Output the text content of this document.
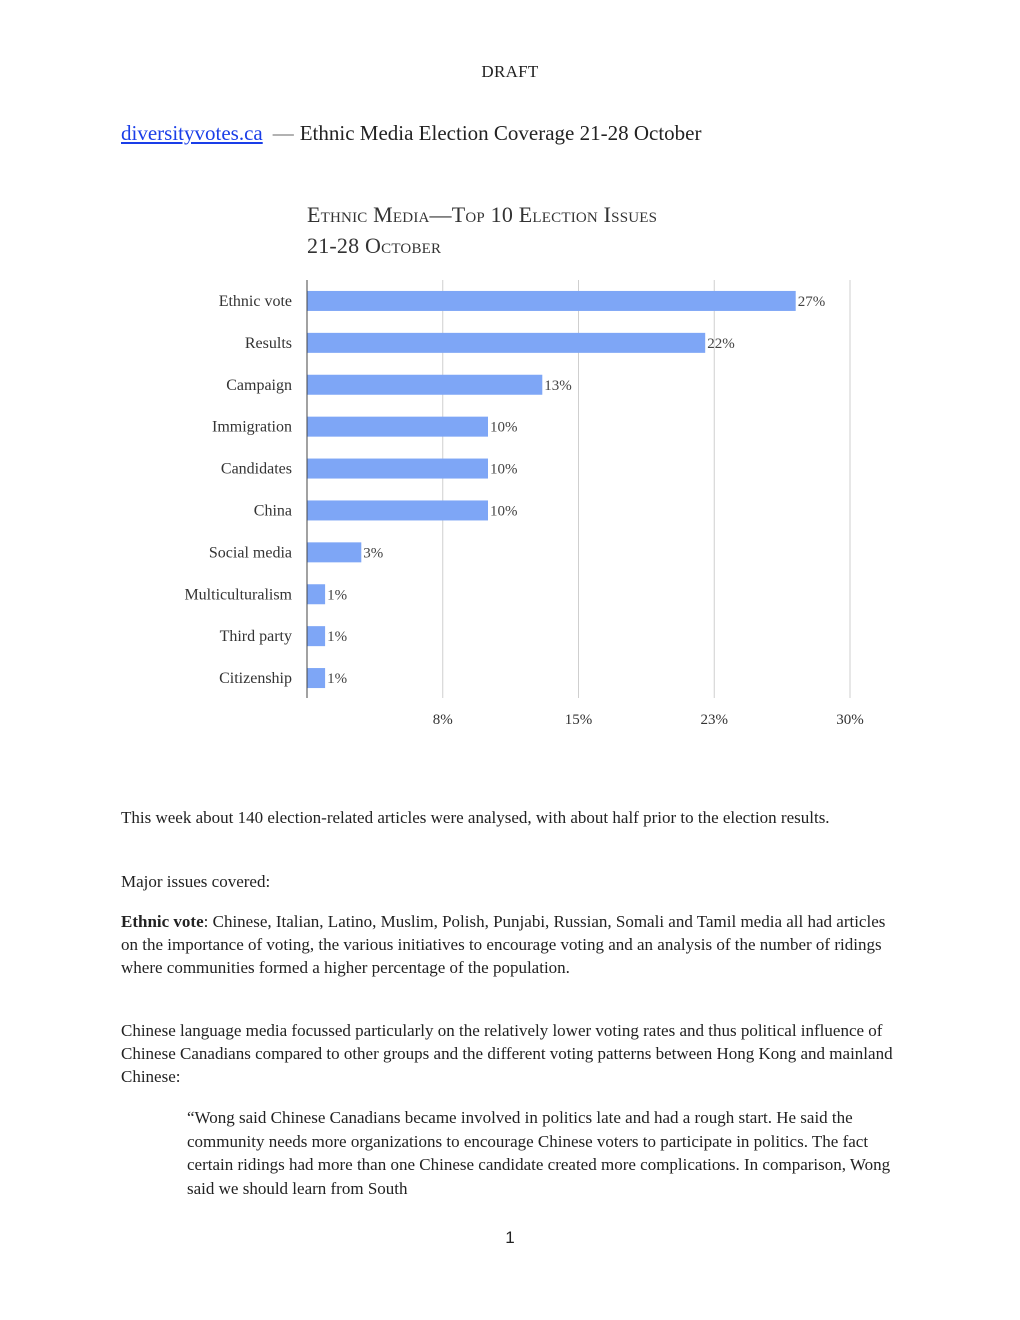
DRAFT
diversityvotes.ca — Ethnic Media Election Coverage 21-28 October
Ethnic Media—Top 10 Election Issues
21-28 October
Ethnic vote	27%
Results	22%
Campaign	13%
Immigration	10%
Candidates	10%
China	10%
Social media	3%
Multiculturalism 1%
Third party 1%
Citizenship 1%
8%	15%	23%	30%
This week about 140 election-related articles were analysed, with about half prior to the election results.
Major issues covered:
Ethnic vote: Chinese, Italian, Latino, Muslim, Polish, Punjabi, Russian, Somali and Tamil media all had articles on the importance of voting, the various initiatives to encourage voting and an analysis of the number of ridings where communities formed a higher percentage of the population.
Chinese language media focussed particularly on the relatively lower voting rates and thus political influence of Chinese Canadians compared to other groups and the different voting patterns between Hong Kong and mainland Chinese:
“Wong said Chinese Canadians became involved in politics late and had a rough start. He said the community needs more organizations to encourage Chinese voters to participate in politics. The fact certain ridings had more than one Chinese candidate created more complications. In comparison, Wong said we should learn from South
1
